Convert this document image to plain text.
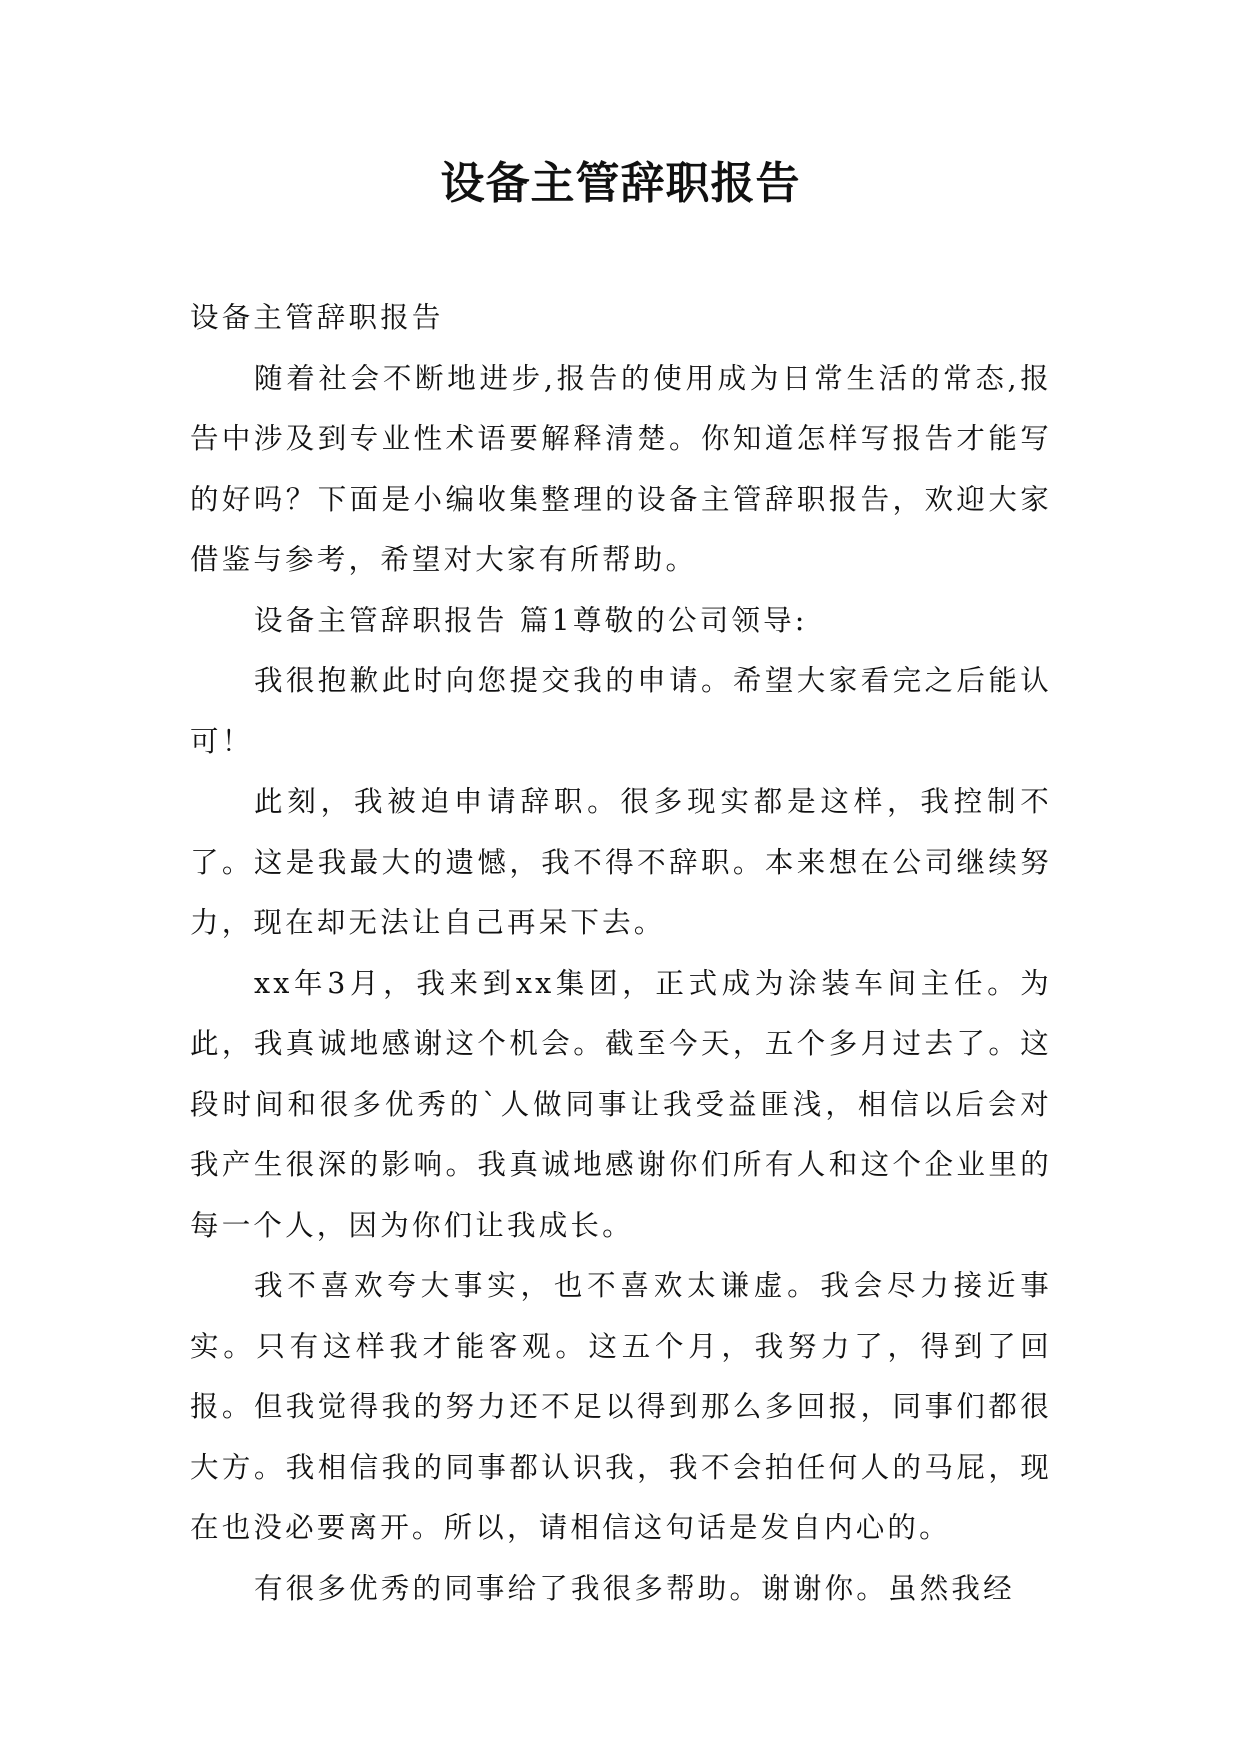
设备主管辞职报告

设备主管辞职报告

随着社会不断地进步,报告的使用成为日常生活的常态,报告中涉及到专业性术语要解释清楚。你知道怎样写报告才能写的好吗？下面是小编收集整理的设备主管辞职报告，欢迎大家借鉴与参考，希望对大家有所帮助。

设备主管辞职报告 篇1尊敬的公司领导:

我很抱歉此时向您提交我的申请。希望大家看完之后能认可！

此刻，我被迫申请辞职。很多现实都是这样，我控制不了。这是我最大的遗憾，我不得不辞职。本来想在公司继续努力，现在却无法让自己再呆下去。

xx年3月，我来到xx集团，正式成为涂装车间主任。为此，我真诚地感谢这个机会。截至今天，五个多月过去了。这段时间和很多优秀的`人做同事让我受益匪浅，相信以后会对我产生很深的影响。我真诚地感谢你们所有人和这个企业里的每一个人，因为你们让我成长。

我不喜欢夸大事实，也不喜欢太谦虚。我会尽力接近事实。只有这样我才能客观。这五个月，我努力了，得到了回报。但我觉得我的努力还不足以得到那么多回报，同事们都很大方。我相信我的同事都认识我，我不会拍任何人的马屁，现在也没必要离开。所以，请相信这句话是发自内心的。

有很多优秀的同事给了我很多帮助。谢谢你。虽然我经
